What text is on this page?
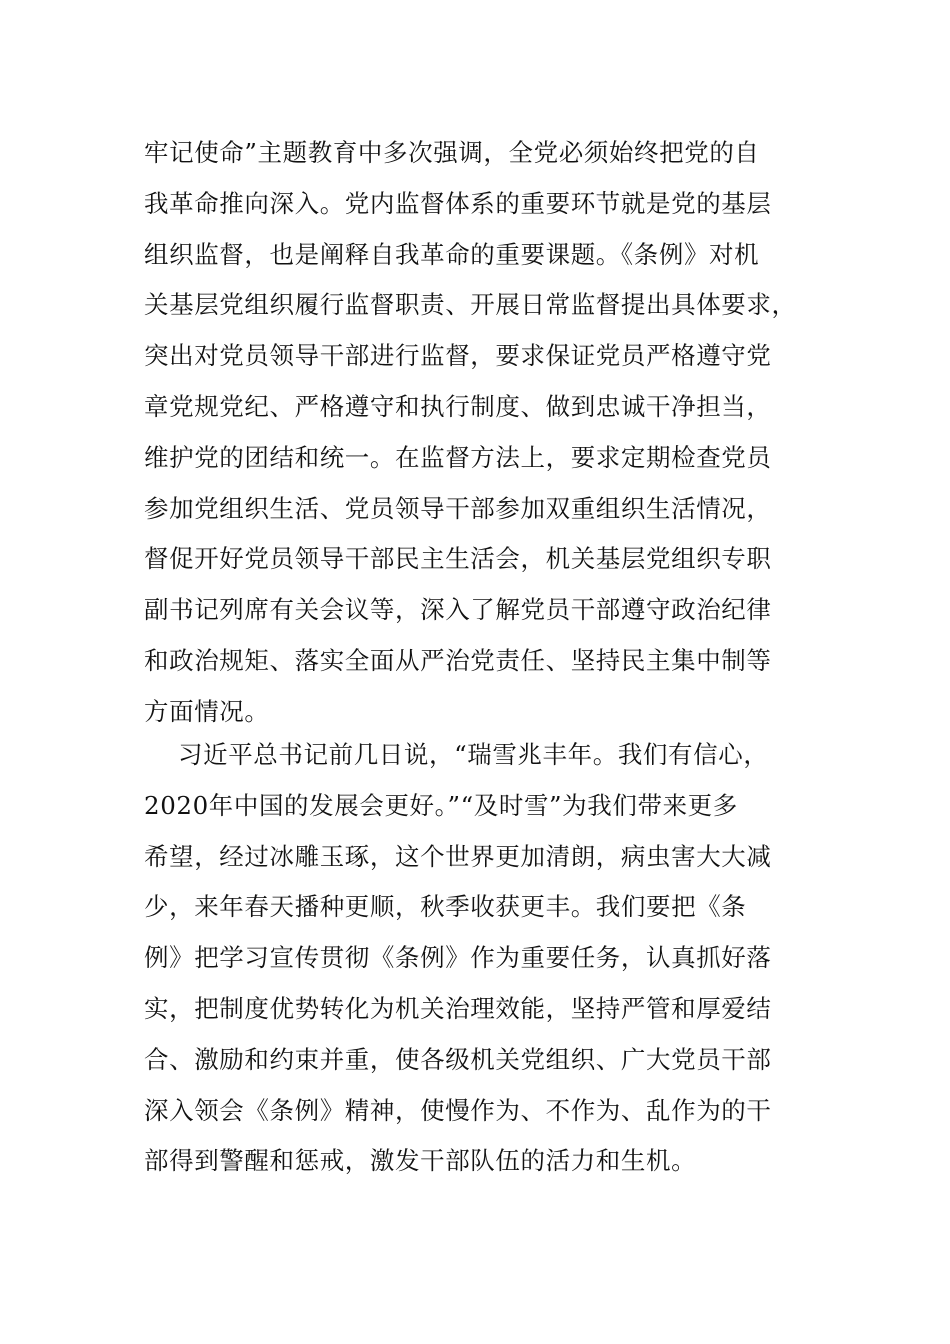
牢记使命”主题教育中多次强调，全党必须始终把党的自
我革命推向深入。党内监督体系的重要环节就是党的基层
组织监督，也是阐释自我革命的重要课题。《条例》对机
关基层党组织履行监督职责、开展日常监督提出具体要求，
突出对党员领导干部进行监督，要求保证党员严格遵守党
章党规党纪、严格遵守和执行制度、做到忠诚干净担当，
维护党的团结和统一。在监督方法上，要求定期检查党员
参加党组织生活、党员领导干部参加双重组织生活情况，
督促开好党员领导干部民主生活会，机关基层党组织专职
副书记列席有关会议等，深入了解党员干部遵守政治纪律
和政治规矩、落实全面从严治党责任、坚持民主集中制等
方面情况。
习近平总书记前几日说，“瑞雪兆丰年。我们有信心，
2020年中国的发展会更好。”“及时雪”为我们带来更多
希望，经过冰雕玉琢，这个世界更加清朗，病虫害大大减
少，来年春天播种更顺，秋季收获更丰。我们要把《条
例》把学习宣传贯彻《条例》作为重要任务，认真抓好落
实，把制度优势转化为机关治理效能，坚持严管和厚爱结
合、激励和约束并重，使各级机关党组织、广大党员干部
深入领会《条例》精神，使慢作为、不作为、乱作为的干
部得到警醒和惩戒，激发干部队伍的活力和生机。
